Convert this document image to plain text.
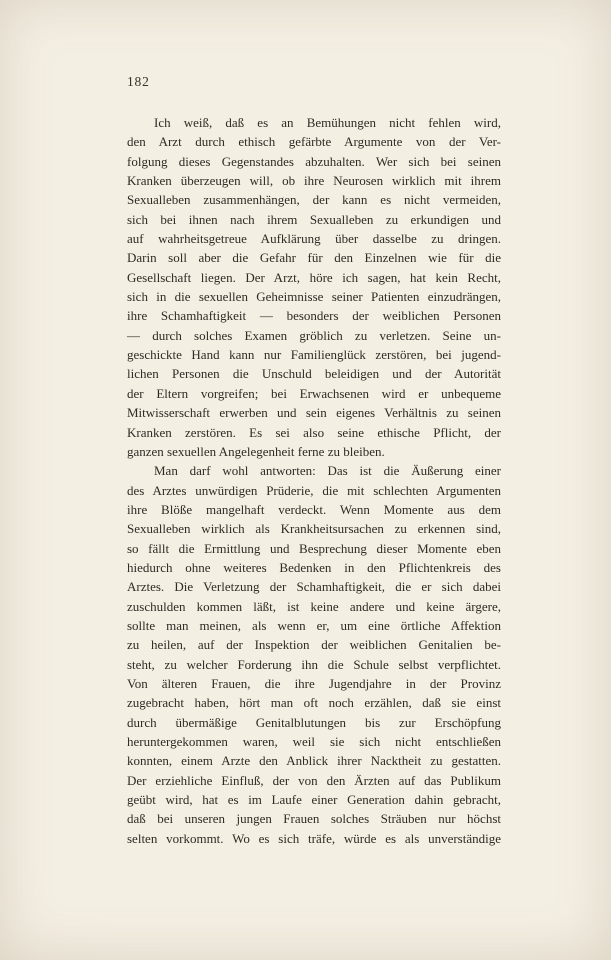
182
Ich weiß, daß es an Bemühungen nicht fehlen wird,
den Arzt durch ethisch gefärbte Argumente von der Ver-
folgung dieses Gegenstandes abzuhalten. Wer sich bei seinen
Kranken überzeugen will, ob ihre Neurosen wirklich mit ihrem
Sexualleben zusammenhängen, der kann es nicht vermeiden,
sich bei ihnen nach ihrem Sexualleben zu erkundigen und
auf wahrheitsgetreue Aufklärung über dasselbe zu dringen.
Darin soll aber die Gefahr für den Einzelnen wie für die
Gesellschaft liegen. Der Arzt, höre ich sagen, hat kein Recht,
sich in die sexuellen Geheimnisse seiner Patienten einzudrängen,
ihre Schamhaftigkeit — besonders der weiblichen Personen
— durch solches Examen gröblich zu verletzen. Seine un-
geschickte Hand kann nur Familienglück zerstören, bei jugend-
lichen Personen die Unschuld beleidigen und der Autorität
der Eltern vorgreifen; bei Erwachsenen wird er unbequeme
Mitwisserschaft erwerben und sein eigenes Verhältnis zu seinen
Kranken zerstören. Es sei also seine ethische Pflicht, der
ganzen sexuellen Angelegenheit ferne zu bleiben.
Man darf wohl antworten: Das ist die Äußerung einer
des Arztes unwürdigen Prüderie, die mit schlechten Argumenten
ihre Blöße mangelhaft verdeckt. Wenn Momente aus dem
Sexualleben wirklich als Krankheitsursachen zu erkennen sind,
so fällt die Ermittlung und Besprechung dieser Momente eben
hiedurch ohne weiteres Bedenken in den Pflichtenkreis des
Arztes. Die Verletzung der Schamhaftigkeit, die er sich dabei
zuschulden kommen läßt, ist keine andere und keine ärgere,
sollte man meinen, als wenn er, um eine örtliche Affektion
zu heilen, auf der Inspektion der weiblichen Genitalien be-
steht, zu welcher Forderung ihn die Schule selbst verpflichtet.
Von älteren Frauen, die ihre Jugendjahre in der Provinz
zugebracht haben, hört man oft noch erzählen, daß sie einst
durch übermäßige Genitalblutungen bis zur Erschöpfung
heruntergekommen waren, weil sie sich nicht entschließen
konnten, einem Arzte den Anblick ihrer Nacktheit zu gestatten.
Der erziehliche Einfluß, der von den Ärzten auf das Publikum
geübt wird, hat es im Laufe einer Generation dahin gebracht,
daß bei unseren jungen Frauen solches Sträuben nur höchst
selten vorkommt. Wo es sich träfe, würde es als unverständige
